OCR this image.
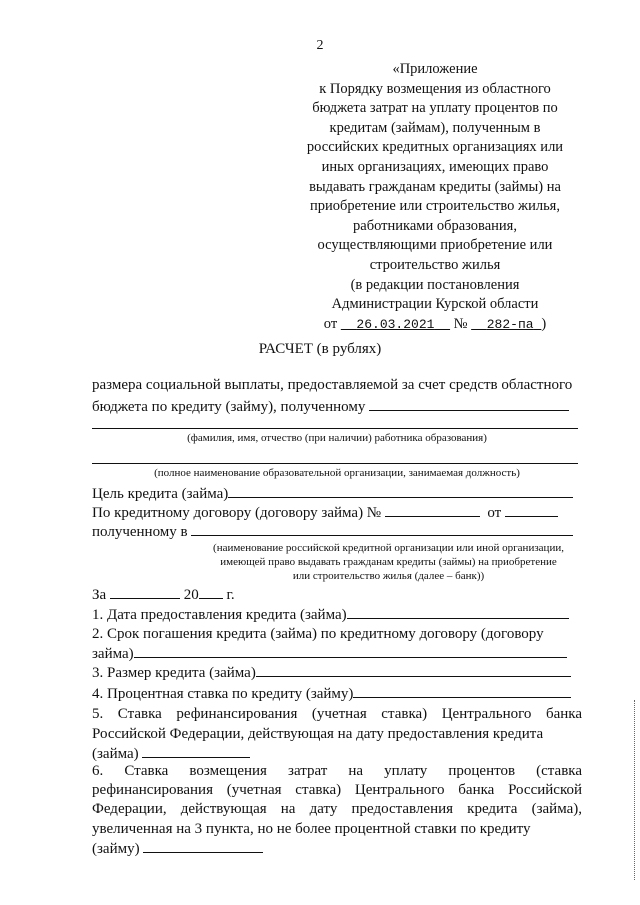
2
«Приложение
к Порядку возмещения из областного
бюджета затрат на уплату процентов по
кредитам (займам), полученным в
российских кредитных организациях или
иных организациях, имеющих право
выдавать гражданам кредиты (займы) на
приобретение или строительство жилья,
работниками образования,
осуществляющими приобретение или
строительство жилья
(в редакции постановления
Администрации Курской области
от 26.03.2021 № 282-па )
РАСЧЕТ (в рублях)
размера социальной выплаты, предоставляемой за счет средств областного
бюджета по кредиту (займу), полученному
(фамилия, имя, отчество (при наличии) работника образования)
(полное наименование образовательной организации, занимаемая должность)
Цель кредита (займа)
По кредитному договору (договору займа) №	от
полученному в
(наименование российской кредитной организации или иной организации,
имеющей право выдавать гражданам кредиты (займы) на приобретение
или строительство жилья (далее – банк))
За	20 г.
1. Дата предоставления кредита (займа)
2. Срок погашения кредита (займа) по кредитному договору (договору
займа)
3. Размер кредита (займа)
4. Процентная ставка по кредиту (займу)
5. Ставка рефинансирования (учетная ставка) Центрального банка Российской Федерации, действующая на дату предоставления кредита
(займа)
6. Ставка возмещения затрат на уплату процентов (ставка рефинансирования (учетная ставка) Центрального банка Российской Федерации, действующая на дату предоставления кредита (займа), увеличенная на 3 пункта, но не более процентной ставки по кредиту
(займу)
